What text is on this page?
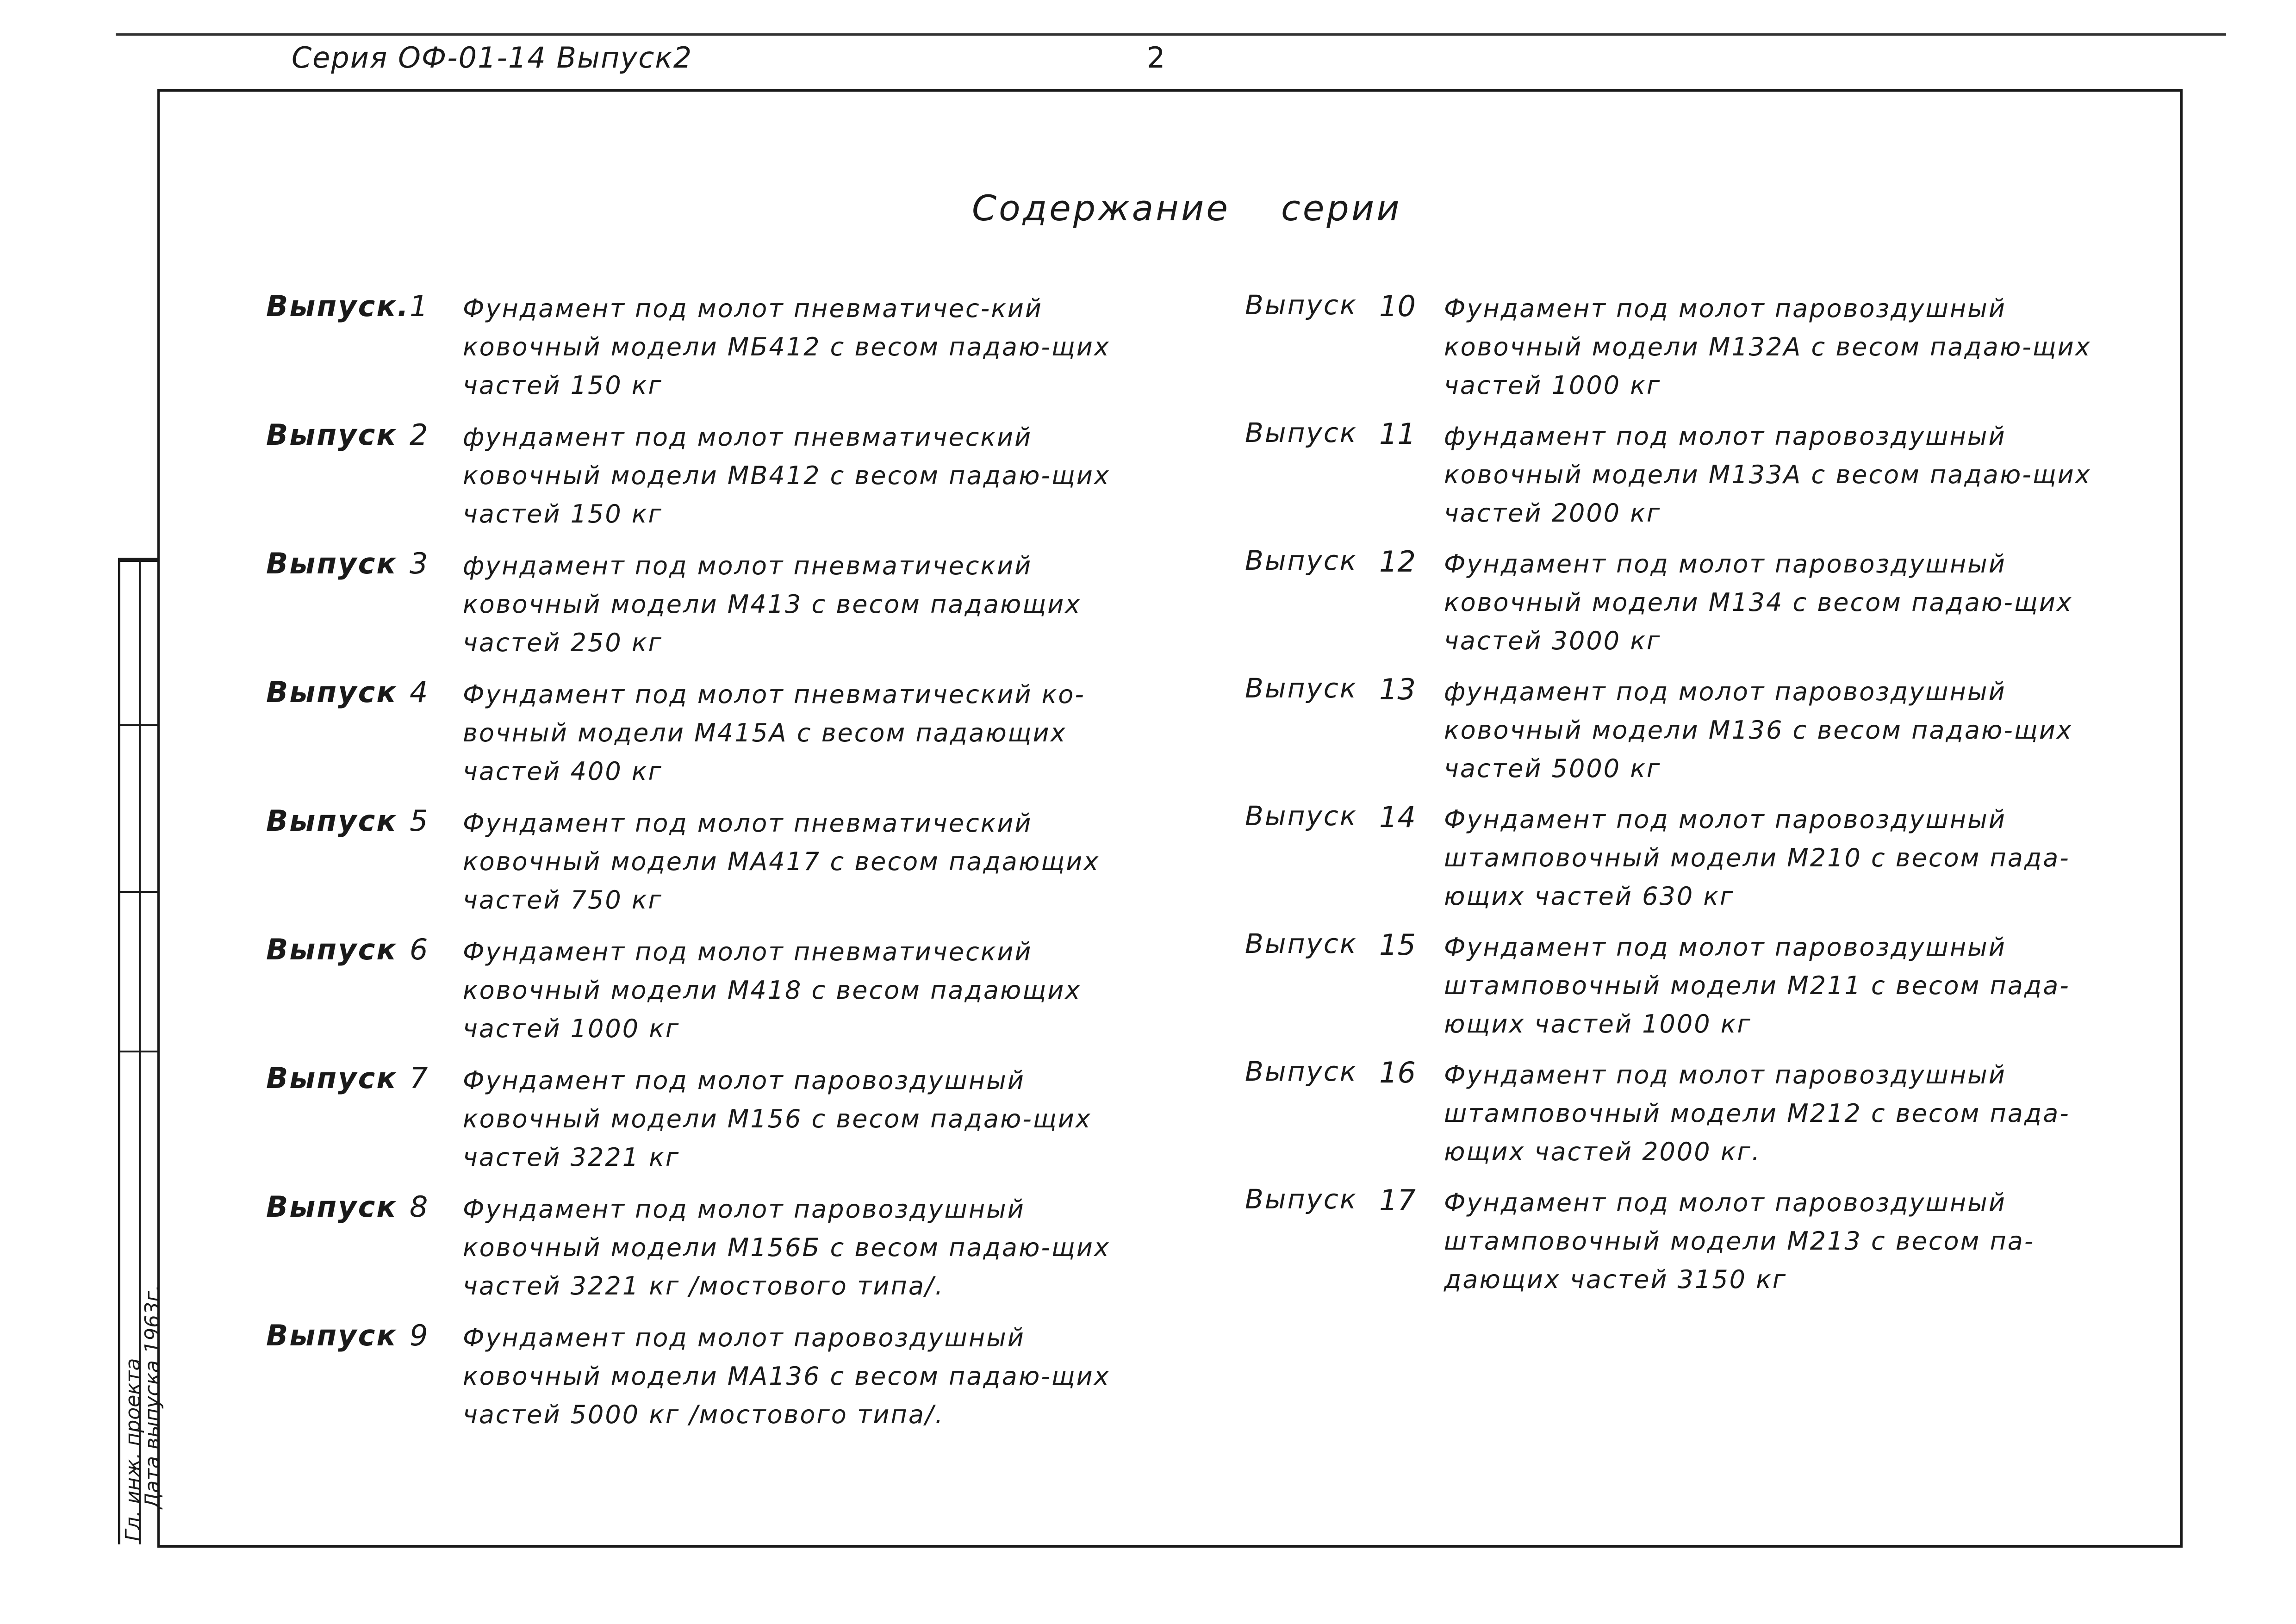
Серия ОФ-01-14 Выпуск2	2
Гл. инж. проекта
Дата выпуска 1963г.
Содержание серии
Выпуск. 1 Фундамент под молот пневматичес-кий ковочный модели МБ412 с весом падаю-щих частей 150 кг
Выпуск 2 фундамент под молот пневматический ковочный модели МВ412 с весом падаю-щих частей 150 кг
Выпуск 3 фундамент под молот пневматический ковочный модели М413 с весом падающих частей 250 кг
Выпуск 4 Фундамент под молот пневматический ко-вочный модели М415А с весом падающих частей 400 кг
Выпуск 5 Фундамент под молот пневматический ковочный модели МА417 с весом падающих частей 750 кг
Выпуск 6 Фундамент под молот пневматический ковочный модели М418 с весом падающих частей 1000 кг
Выпуск 7 Фундамент под молот паровоздушный ковочный модели М156 с весом падаю-щих частей 3221 кг
Выпуск 8 Фундамент под молот паровоздушный ковочный модели М156Б с весом падаю-щих частей 3221 кг /мостового типа/.
Выпуск 9 Фундамент под молот паровоздушный ковочный модели МА136 с весом падаю-щих частей 5000 кг /мостового типа/.
Выпуск 10 Фундамент под молот паровоздушный ковочный модели М132А с весом падаю-щих частей 1000 кг
Выпуск 11 фундамент под молот паровоздушный ковочный модели М133А с весом падаю-щих частей 2000 кг
Выпуск 12 Фундамент под молот паровоздушный ковочный модели М134 с весом падаю-щих частей 3000 кг
Выпуск 13 фундамент под молот паровоздушный ковочный модели М136 с весом падаю-щих частей 5000 кг
Выпуск 14 Фундамент под молот паровоздушный штамповочный модели М210 с весом пада-ющих частей 630 кг
Выпуск 15 Фундамент под молот паровоздушный штамповочный модели М211 с весом пада-ющих частей 1000 кг
Выпуск 16 Фундамент под молот паровоздушный штамповочный модели М212 с весом пада-ющих частей 2000 кг.
Выпуск 17 Фундамент под молот паровоздушный штамповочный модели М213 с весом па-дающих частей 3150 кг
